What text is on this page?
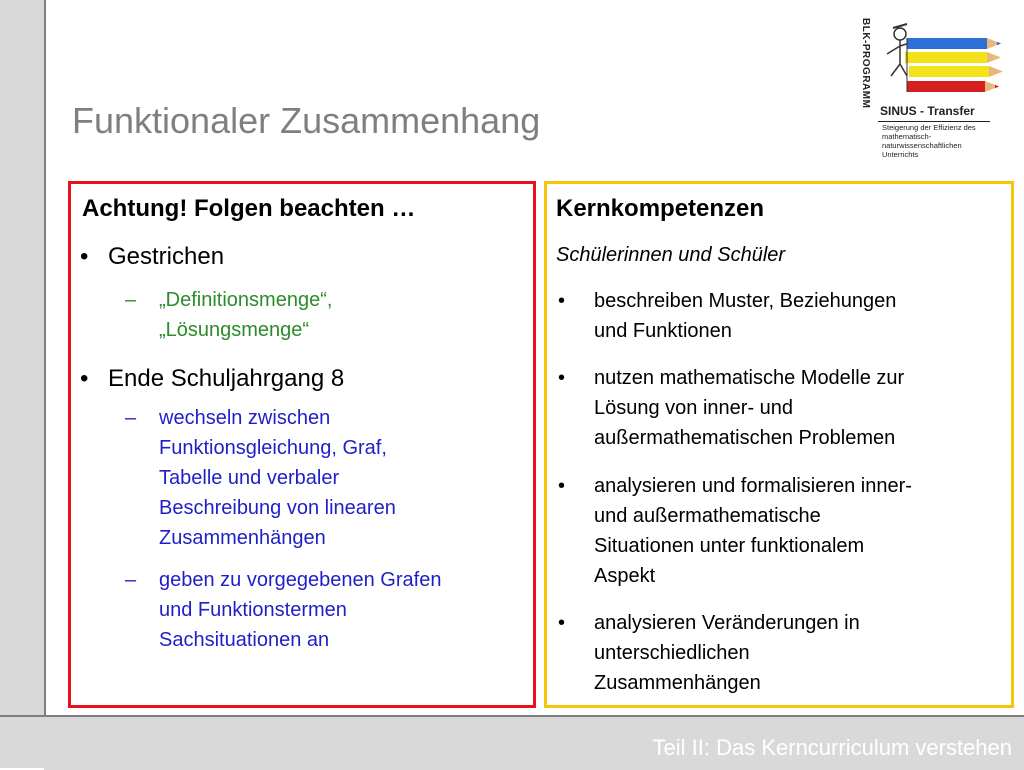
Teil II: Das Kerncurriculum verstehen
Funktionaler Zusammenhang
BLK-PROGRAMM
SINUS - Transfer
Steigerung der Effizienz des mathematisch-naturwissenschaftlichen Unterrichts
Achtung! Folgen beachten …
• Gestrichen
– „Definitionsmenge“,
„Lösungsmenge“
• Ende Schuljahrgang 8
– wechseln zwischen
Funktionsgleichung, Graf,
Tabelle und verbaler
Beschreibung von linearen
Zusammenhängen
– geben zu vorgegebenen Grafen
und Funktionstermen
Sachsituationen an
Kernkompetenzen
Schülerinnen und Schüler
• beschreiben Muster, Beziehungen
und Funktionen
• nutzen mathematische Modelle zur
Lösung von inner- und
außermathematischen Problemen
• analysieren und formalisieren inner-
und außermathematische
Situationen unter funktionalem
Aspekt
• analysieren Veränderungen in
unterschiedlichen
Zusammenhängen
